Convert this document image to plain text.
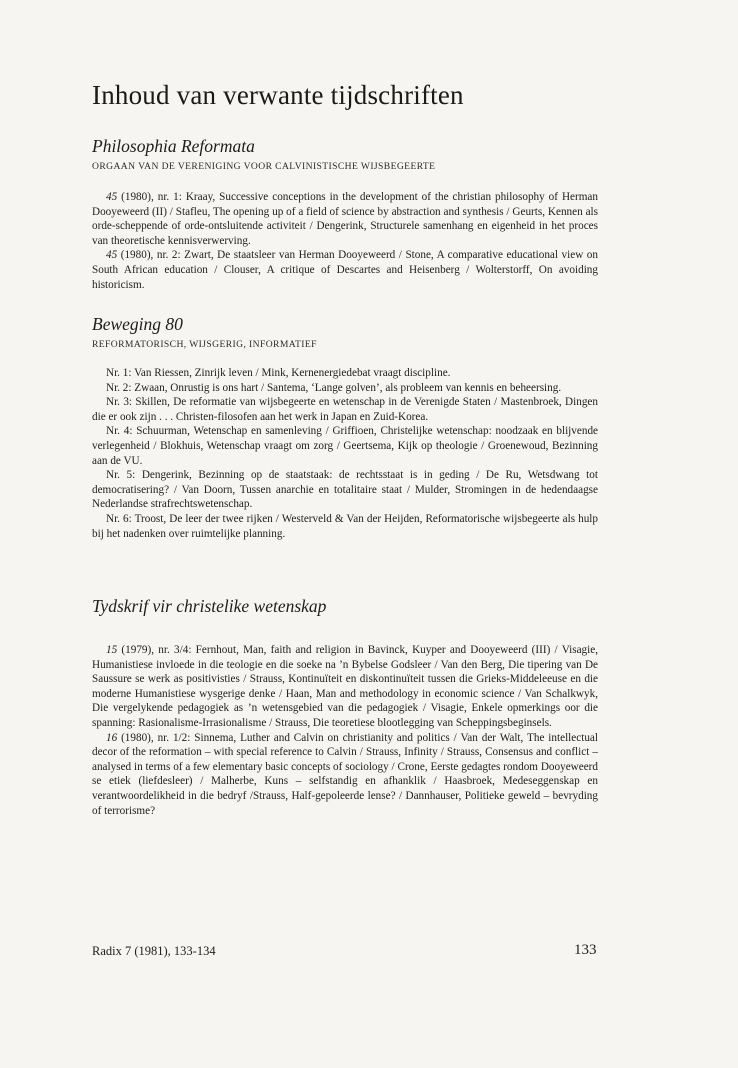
Inhoud van verwante tijdschriften
Philosophia Reformata
ORGAAN VAN DE VERENIGING VOOR CALVINISTISCHE WIJSBEGEERTE

45 (1980), nr. 1: Kraay, Successive conceptions in the development of the christian philosophy of Herman Dooyeweerd (II) / Stafleu, The opening up of a field of science by abstraction and synthesis / Geurts, Kennen als orde-scheppende of orde-ontsluitende activiteit / Dengerink, Structurele samenhang en eigenheid in het proces van theoretische kennisverwerving.

45 (1980), nr. 2: Zwart, De staatsleer van Herman Dooyeweerd / Stone, A comparative educational view on South African education / Clouser, A critique of Descartes and Heisenberg / Wolterstorff, On avoiding historicism.

Beweging 80
REFORMATORISCH, WIJSGERIG, INFORMATIEF

Nr. 1: Van Riessen, Zinrijk leven / Mink, Kernenergiedebat vraagt discipline.

Nr. 2: Zwaan, Onrustig is ons hart / Santema, ‘Lange golven’, als probleem van kennis en beheersing.

Nr. 3: Skillen, De reformatie van wijsbegeerte en wetenschap in de Verenigde Staten / Mastenbroek, Dingen die er ook zijn . . . Christen-filosofen aan het werk in Japan en Zuid-Korea.

Nr. 4: Schuurman, Wetenschap en samenleving / Griffioen, Christelijke wetenschap: noodzaak en blijvende verlegenheid / Blokhuis, Wetenschap vraagt om zorg / Geertsema, Kijk op theologie / Groenewoud, Bezinning aan de VU.

Nr. 5: Dengerink, Bezinning op de staatstaak: de rechtsstaat is in geding / De Ru, Wetsdwang tot democratisering? / Van Doorn, Tussen anarchie en totalitaire staat / Mulder, Stromingen in de hedendaagse Nederlandse strafrechtswetenschap.

Nr. 6: Troost, De leer der twee rijken / Westerveld & Van der Heijden, Reformatorische wijsbegeerte als hulp bij het nadenken over ruimtelijke planning.

Tydskrif vir christelike wetenskap

15 (1979), nr. 3/4: Fernhout, Man, faith and religion in Bavinck, Kuyper and Dooyeweerd (III) / Visagie, Humanistiese invloede in die teologie en die soeke na ’n Bybelse Godsleer / Van den Berg, Die tipering van De Saussure se werk as positivisties / Strauss, Kontinuïteit en diskontinuïteit tussen die Grieks-Middeleeuse en die moderne Humanistiese wysgerige denke / Haan, Man and methodology in economic science / Van Schalkwyk, Die vergelykende pedagogiek as ’n wetensgebied van die pedagogiek / Visagie, Enkele opmerkings oor die spanning: Rasionalisme-Irrasionalisme / Strauss, Die teoretiese blootlegging van Scheppingsbeginsels.

16 (1980), nr. 1/2: Sinnema, Luther and Calvin on christianity and politics / Van der Walt, The intellectual decor of the reformation – with special reference to Calvin / Strauss, Infinity / Strauss, Consensus and conflict – analysed in terms of a few elementary basic concepts of sociology / Crone, Eerste gedagtes rondom Dooyeweerd se etiek (liefdesleer) / Malherbe, Kuns – selfstandig en afhanklik / Haasbroek, Medeseggenskap en verantwoordelikheid in die bedryf /Strauss, Half-gepoleerde lense? / Dannhauser, Politieke geweld – bevryding of terrorisme?

Radix 7 (1981), 133-134	133
